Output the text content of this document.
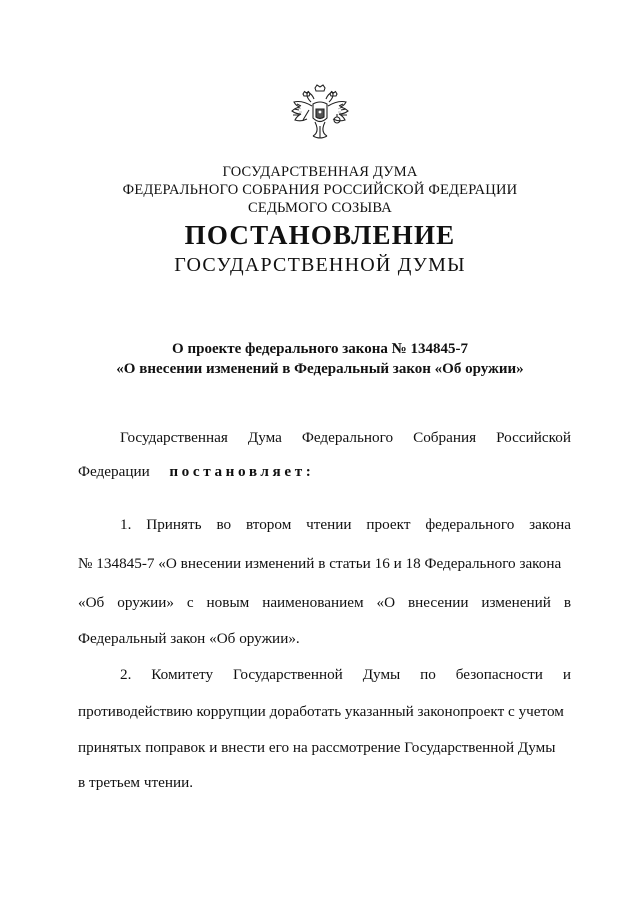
ГОСУДАРСТВЕННАЯ ДУМА
ФЕДЕРАЛЬНОГО СОБРАНИЯ РОССИЙСКОЙ ФЕДЕРАЦИИ
СЕДЬМОГО СОЗЫВА
ПОСТАНОВЛЕНИЕ
ГОСУДАРСТВЕННОЙ ДУМЫ
О проекте федерального закона № 134845-7
«О внесении изменений в Федеральный закон «Об оружии»
Государственная Дума Федерального Собрания Российской
Федерации постановляет:
1. Принять во втором чтении проект федерального закона
№ 134845-7 «О внесении изменений в статьи 16 и 18 Федерального закона
«Об оружии» с новым наименованием «О внесении изменений в
Федеральный закон «Об оружии».
2. Комитету Государственной Думы по безопасности и
противодействию коррупции доработать указанный законопроект с учетом
принятых поправок и внести его на рассмотрение Государственной Думы
в третьем чтении.
